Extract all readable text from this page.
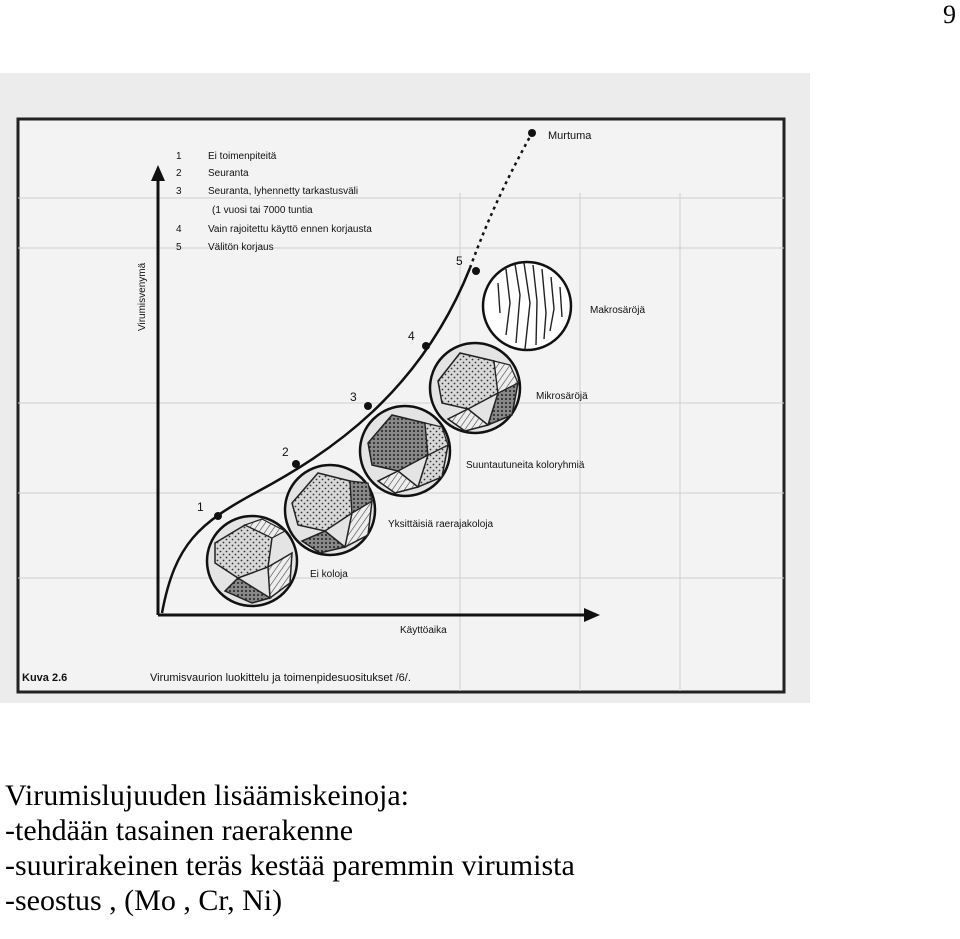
9
1
2
3
4
5
Murtuma
1	Ei toimenpiteitä
2	Seuranta
3	Seuranta, lyhennetty tarkastusväli
(1 vuosi tai 7000 tuntia
4	Vain rajoitettu käyttö ennen korjausta
5	Välitön korjaus
Virumisvenymä
Käyttöaika
Ei koloja
Yksittäisiä raerajakoloja
Suuntautuneita koloryhmiä
Mikrosäröjä
Makrosäröjä
Kuva 2.6	Virumisvaurion luokittelu ja toimenpidesuositukset /6/.
Virumislujuuden lisäämiskeinoja:
-tehdään tasainen raerakenne
-suurirakeinen teräs kestää paremmin virumista
-seostus , (Mo , Cr, Ni)
